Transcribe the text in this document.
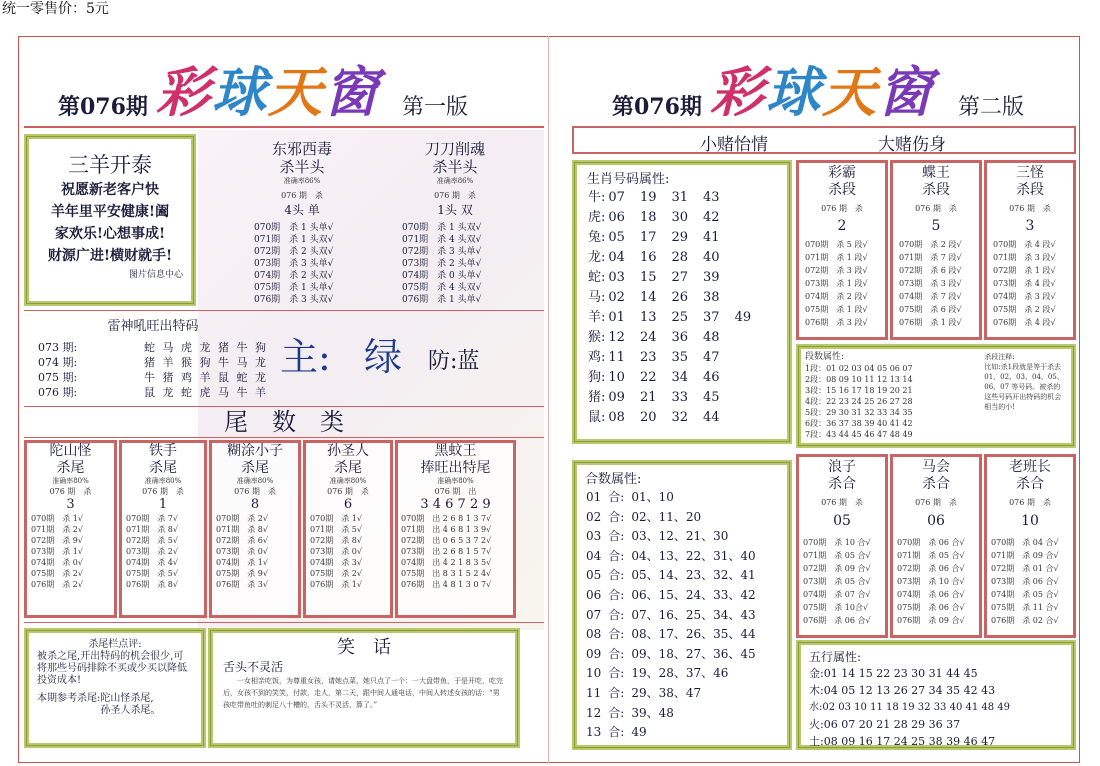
统一零售价：5元
第076期 彩球天窗 第一版
三羊开泰
祝愿新老客户快
羊年里平安健康!阖
家欢乐!心想事成!
财源广进!横财就手!
图片信息中心
东邪西毒
杀半头
准确率86%
076 期　杀
4头 单
070期　杀 1 头单√
071期　杀 1 头双√
072期　杀 2 头双√
073期　杀 3 头单√
074期　杀 2 头双√
075期　杀 1 头单√
076期　杀 3 头双√
刀刀削魂
杀半头
准确率86%
076 期　杀
1头 双
070期　杀 1 头双√
071期　杀 4 头双√
072期　杀 3 头单√
073期　杀 2 头单√
074期　杀 0 头单√
075期　杀 4 头双√
076期　杀 1 头单√
雷神吼旺出特码
073 期:	蛇 马 虎 龙 猪 牛 狗
074 期:	猪 羊 猴 狗 牛 马 龙
075 期:	牛 猪 鸡 羊 鼠 蛇 龙
076 期:	鼠 龙 蛇 虎 马 牛 羊
主: 绿 防:蓝
尾　数　类
陀山怪
杀尾
准确率80%
076 期　杀
3
070期　杀 1√
071期　杀 2√
072期　杀 9√
073期　杀 1√
074期　杀 0√
075期　杀 2√
076期　杀 2√
铁手
杀尾
准确率80%
076 期　杀
1
070期　杀 7√
071期　杀 8√
072期　杀 5√
073期　杀 2√
074期　杀 4√
075期　杀 5√
076期　杀 8√
糊涂小子
杀尾
准确率80%
076 期　杀
8
070期　杀 2√
071期　杀 8√
072期　杀 6√
073期　杀 0√
074期　杀 1√
075期　杀 9√
076期　杀 3√
孙圣人
杀尾
准确率80%
076 期　杀
6
070期　杀 1√
071期　杀 5√
072期　杀 8√
073期　杀 0√
074期　杀 3√
075期　杀 2√
076期　杀 1√
黑蚊王
捧旺出特尾
准确率80%
076 期　出
3 4 6 7 2 9
070期　出 2 6 8 1 3 7√
071期　出 4 6 8 1 3 9√
072期　出 0 6 5 3 7 2√
073期　出 2 6 8 1 5 7√
074期　出 4 2 1 8 3 5√
075期　出 8 3 1 5 2 4√
076期　出 4 8 1 3 0 7√
杀尾栏点评:
被杀之尾,开出特码的机会很少,可将那些号码排除不买或少买以降低投资成本!
本期参考杀尾: 陀山怪杀尾,
孙圣人杀尾。
笑　话
舌头不灵活
一女相亲吃饭，为尊重女孩，请她点菜，她只点了一个：一大盘带鱼，于是开吃，吃完后，女孩不到的笑笑，付款，走人，第二天，跟中间人通电话，中间人转述女孩的话：“男孩吃带鱼吐的刺足八十槽的，舌头不灵活，算了。”
第076期 彩球天窗 第二版
小赌怡情	大赌伤身
生肖号码属性:
牛:	07	19	31	43	
虎:	06	18	30	42	
兔:	05	17	29	41	
龙:	04	16	28	40	
蛇:	03	15	27	39	
马:	02	14	26	38	
羊:	01	13	25	37	49
猴:	12	24	36	48	
鸡:	11	23	35	47	
狗:	10	22	34	46	
猪:	09	21	33	45	
鼠:	08	20	32	44	
彩霸
杀段
076 期　杀
2
070期　杀 5 段√
071期　杀 1 段√
072期　杀 3 段√
073期　杀 1 段√
074期　杀 2 段√
075期　杀 1 段√
076期　杀 3 段√
蝶王
杀段
076 期　杀
5
070期　杀 2 段√
071期　杀 7 段√
072期　杀 6 段√
073期　杀 3 段√
074期　杀 7 段√
075期　杀 6 段√
076期　杀 1 段√
三怪
杀段
076 期　杀
3
070期　杀 4 段√
071期　杀 3 段√
072期　杀 1 段√
073期　杀 4 段√
074期　杀 3 段√
075期　杀 2 段√
076期　杀 4 段√
段数属性:
1段：01 02 03 04 05 06 07
2段：08 09 10 11 12 13 14
3段：15 16 17 18 19 20 21
4段：22 23 24 25 26 27 28
5段：29 30 31 32 33 34 35
6段：36 37 38 39 40 41 42
7段：43 44 45 46 47 48 49
杀段注释:
比如:杀1段就是等于杀去01、02、03、04、05、06、07 等号码。被杀的这些号码开出特码的机会相当的小!
合数属性:
01	合:	01、10
02	合:	02、11、20
03	合:	03、12、21、30
04	合:	04、13、22、31、40
05	合:	05、14、23、32、41
06	合:	06、15、24、33、42
07	合:	07、16、25、34、43
08	合:	08、17、26、35、44
09	合:	09、18、27、36、45
10	合:	19、28、37、46
11	合:	29、38、47
12	合:	39、48
13	合:	49
浪子
杀合
076 期　杀
05
070期　杀 10 合√
071期　杀 05 合√
072期　杀 09 合√
073期　杀 05 合√
074期　杀 07 合√
075期　杀 10合√
076期　杀 06 合√
马会
杀合
076 期　杀
06
070期　杀 06 合√
071期　杀 05 合√
072期　杀 06 合√
073期　杀 10 合√
074期　杀 06 合√
075期　杀 06 合√
076期　杀 09 合√
老班长
杀合
076 期　杀
10
070期　杀 04 合√
071期　杀 09 合√
072期　杀 01 合√
073期　杀 06 合√
074期　杀 05 合√
075期　杀 11 合√
076期　杀 02 合√
五行属性:
金:01 14 15 22 23 30 31 44 45
木:04 05 12 13 26 27 34 35 42 43
水:02 03 10 11 18 19 32 33 40 41 48 49
火:06 07 20 21 28 29 36 37
土:08 09 16 17 24 25 38 39 46 47
